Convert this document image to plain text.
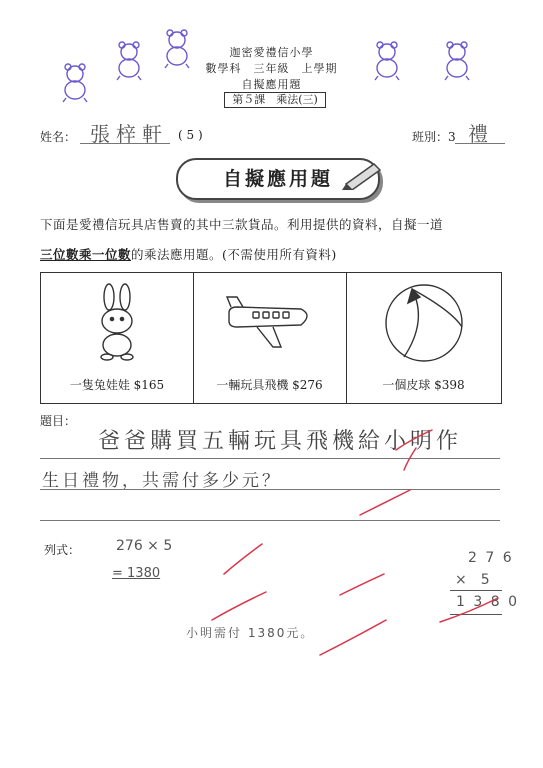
迦密愛禮信小學
數學科　三年級　上學期
自擬應用題
第５課　乘法(三)
姓名： 張梓軒 ( 5 )	班別：3 禮
自擬應用題
下面是愛禮信玩具店售賣的其中三款貨品。利用提供的資料，自擬一道
三位數乘一位數的乘法應用題。(不需使用所有資料)
一隻兔娃娃 $165	一輛玩具飛機 $276	一個皮球 $398
題目：
爸爸購買五輛玩具飛機給小明作
生日禮物，共需付多少元？
列式：	276 × 5
= 1380
2 7 6
×　5
1 3 8 0
小明需付 1380元。
